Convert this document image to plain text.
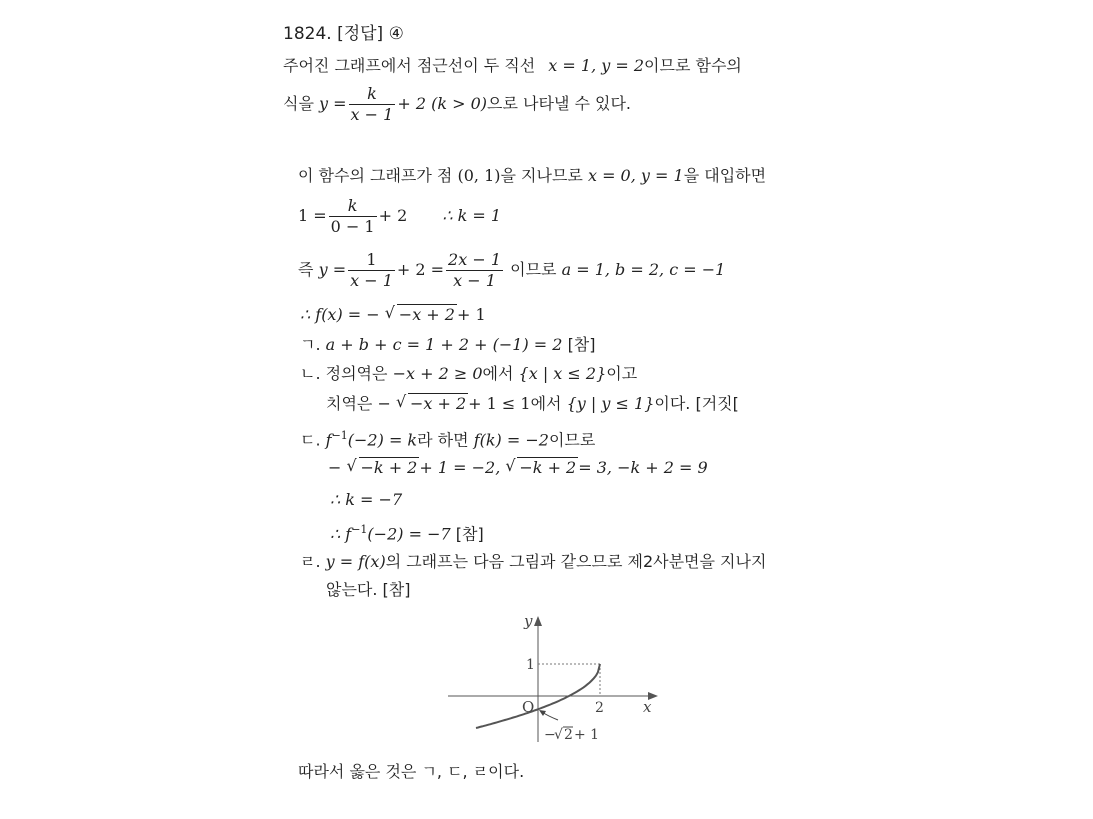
1824. [정답] ④
주어진 그래프에서 점근선이 두 직선 x = 1, y = 2이므로 함수의
식을 $y = \frac{k}{x - 1} + 2$ (k > 0)으로 나타낼 수 있다.
이 함수의 그래프가 점 (0, 1)을 지나므로 x = 0, y = 1을 대입하면
$1 = \frac{k}{0 - 1} + 2$ ∴ k = 1
즉 $y = \frac{1}{x - 1} + 2 = \frac{2x - 1}{x - 1}$ 이므로 a = 1, b = 2, c = −1
∴ f(x) = − √ −x + 2 + 1
ㄱ. a + b + c = 1 + 2 + (−1) = 2 [참]
ㄴ. 정의역은 −x + 2 ≥ 0에서 {x | x ≤ 2}이고
치역은 − √ −x + 2 + 1 ≤ 1에서 {y | y ≤ 1}이다. [거짓[
ㄷ. $f^{-1}(-2) = k$라 하면 f(k) = −2이므로
− √ −k + 2 + 1 = −2, √ −k + 2 = 3, −k + 2 = 9
∴ k = −7
∴ $f^{-1}(-2) = -7$ [참]
ㄹ. y = f(x)의 그래프는 다음 그림과 같으므로 제2사분면을 지나지
않는다. [참]
y
x
O
1
2
−
√ 2 + 1
따라서 옳은 것은 ㄱ, ㄷ, ㄹ이다.
